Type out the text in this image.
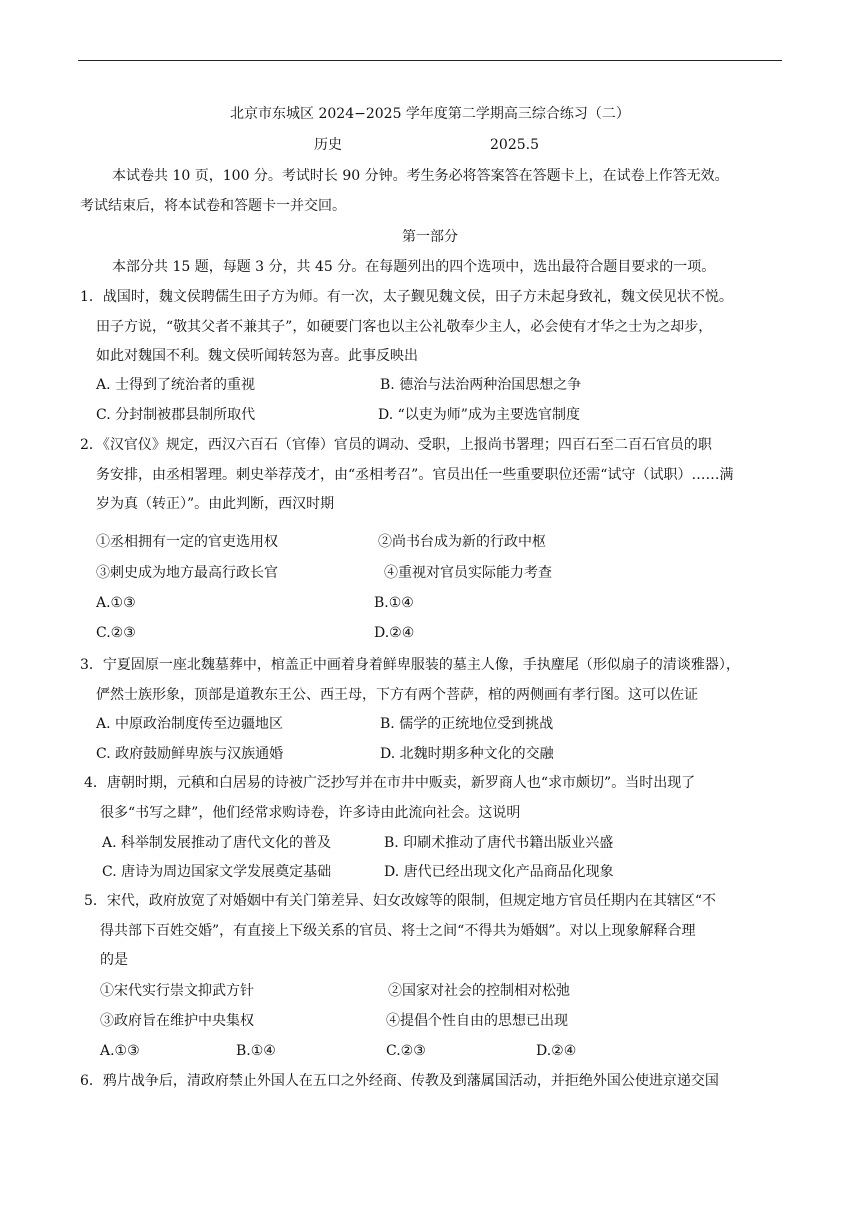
北京市东城区 2024−2025 学年度第二学期高三综合练习（二）
历史	2025.5
本试卷共 10 页，100 分。考试时长 90 分钟。考生务必将答案答在答题卡上，在试卷上作答无效。
考试结束后，将本试卷和答题卡一并交回。
第一部分
本部分共 15 题，每题 3 分，共 45 分。在每题列出的四个选项中，选出最符合题目要求的一项。
1．战国时，魏文侯聘儒生田子方为师。有一次，太子觐见魏文侯，田子方未起身致礼，魏文侯见状不悦。
田子方说，“敬其父者不兼其子”，如硬要门客也以主公礼敬奉少主人，必会使有才华之士为之却步，
如此对魏国不利。魏文侯听闻转怒为喜。此事反映出
A. 士得到了统治者的重视	B. 德治与法治两种治国思想之争
C. 分封制被郡县制所取代	D. “以吏为师”成为主要选官制度
2．《汉官仪》规定，西汉六百石（官俸）官员的调动、受职，上报尚书署理；四百石至二百石官员的职
务安排，由丞相署理。刺史举荐茂才，由“丞相考召”。官员出任一些重要职位还需“试守（试职）……满
岁为真（转正）”。由此判断，西汉时期
①丞相拥有一定的官吏选用权	②尚书台成为新的行政中枢
③刺史成为地方最高行政长官	④重视对官员实际能力考查
A.①③	B.①④
C.②③	D.②④
3．宁夏固原一座北魏墓葬中，棺盖正中画着身着鲜卑服装的墓主人像，手执麈尾（形似扇子的清谈雅器），
俨然士族形象，顶部是道教东王公、西王母，下方有两个菩萨，棺的两侧画有孝行图。这可以佐证
A. 中原政治制度传至边疆地区	B. 儒学的正统地位受到挑战
C. 政府鼓励鲜卑族与汉族通婚	D. 北魏时期多种文化的交融
4．唐朝时期，元稹和白居易的诗被广泛抄写并在市井中贩卖，新罗商人也“求市颇切”。当时出现了
很多“书写之肆”，他们经常求购诗卷，许多诗由此流向社会。这说明
A. 科举制发展推动了唐代文化的普及	B. 印刷术推动了唐代书籍出版业兴盛
C. 唐诗为周边国家文学发展奠定基础	D. 唐代已经出现文化产品商品化现象
5．宋代，政府放宽了对婚姻中有关门第差异、妇女改嫁等的限制，但规定地方官员任期内在其辖区“不
得共部下百姓交婚”，有直接上下级关系的官员、将士之间“不得共为婚姻”。对以上现象解释合理
的是
①宋代实行崇文抑武方针	②国家对社会的控制相对松弛
③政府旨在维护中央集权	④提倡个性自由的思想已出现
A.①③	B.①④	C.②③	D.②④
6．鸦片战争后，清政府禁止外国人在五口之外经商、传教及到藩属国活动，并拒绝外国公使进京递交国
